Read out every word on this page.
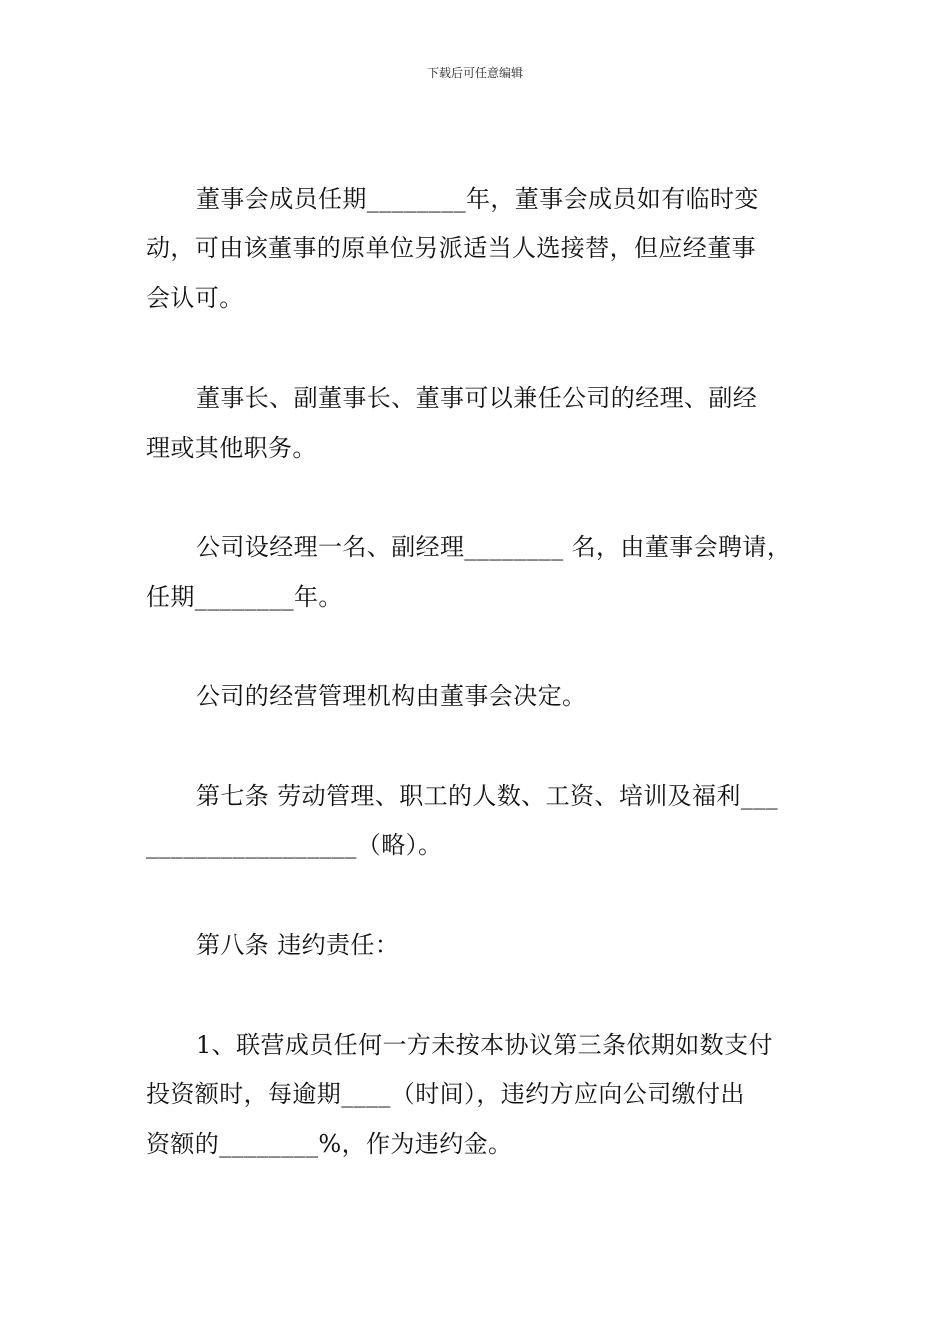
下载后可任意编辑
董事会成员任期________年，董事会成员如有临时变
动，可由该董事的原单位另派适当人选接替，但应经董事
会认可。
董事长、副董事长、董事可以兼任公司的经理、副经
理或其他职务。
公司设经理一名、副经理________ 名，由董事会聘请，
任期________年。
公司的经营管理机构由董事会决定。
第七条 劳动管理、职工的人数、工资、培训及福利___
_________________（略）。
第八条 违约责任：
1、联营成员任何一方未按本协议第三条依期如数支付
投资额时，每逾期____（时间），违约方应向公司缴付出
资额的________%，作为违约金。
